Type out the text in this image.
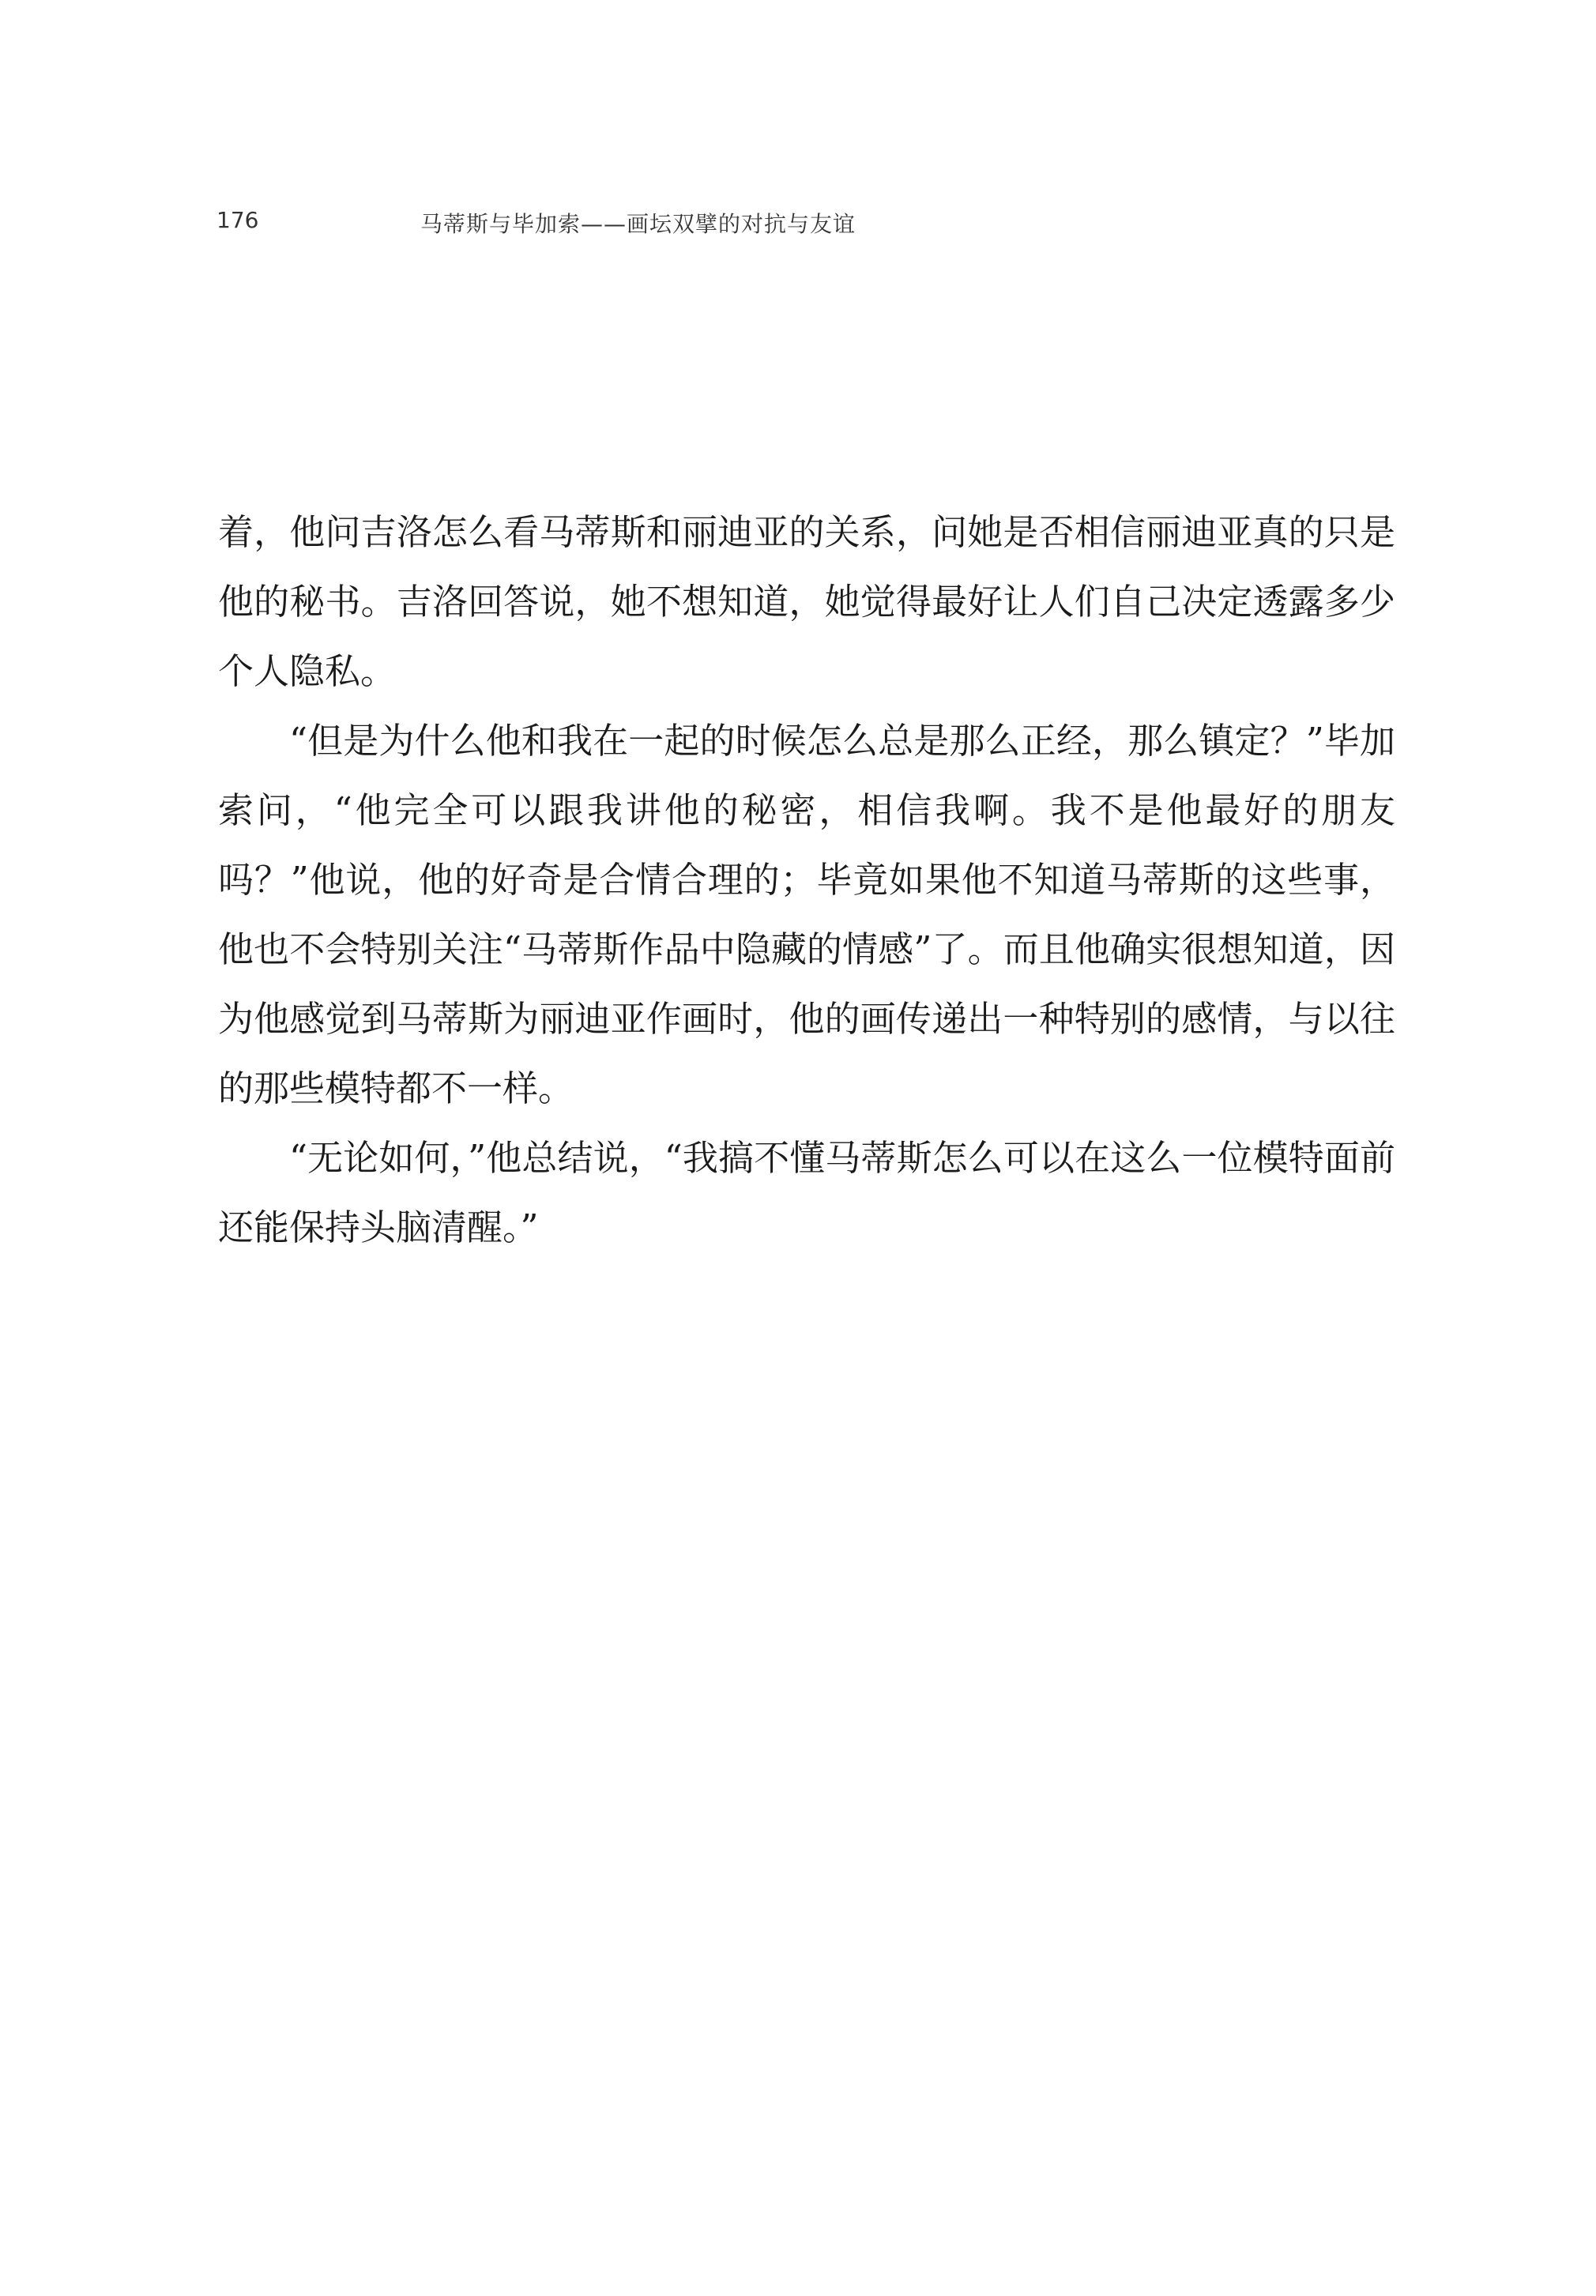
176	马蒂斯与毕加索——画坛双擘的对抗与友谊

着，他问吉洛怎么看马蒂斯和丽迪亚的关系，问她是否相信丽迪亚真的只是他的秘书。吉洛回答说，她不想知道，她觉得最好让人们自己决定透露多少个人隐私。

“但是为什么他和我在一起的时候怎么总是那么正经，那么镇定？”毕加索问，“他完全可以跟我讲他的秘密，相信我啊。我不是他最好的朋友吗？”他说，他的好奇是合情合理的；毕竟如果他不知道马蒂斯的这些事，他也不会特别关注“马蒂斯作品中隐藏的情感”了。而且他确实很想知道，因为他感觉到马蒂斯为丽迪亚作画时，他的画传递出一种特别的感情，与以往的那些模特都不一样。

“无论如何，”他总结说，“我搞不懂马蒂斯怎么可以在这么一位模特面前还能保持头脑清醒。”
